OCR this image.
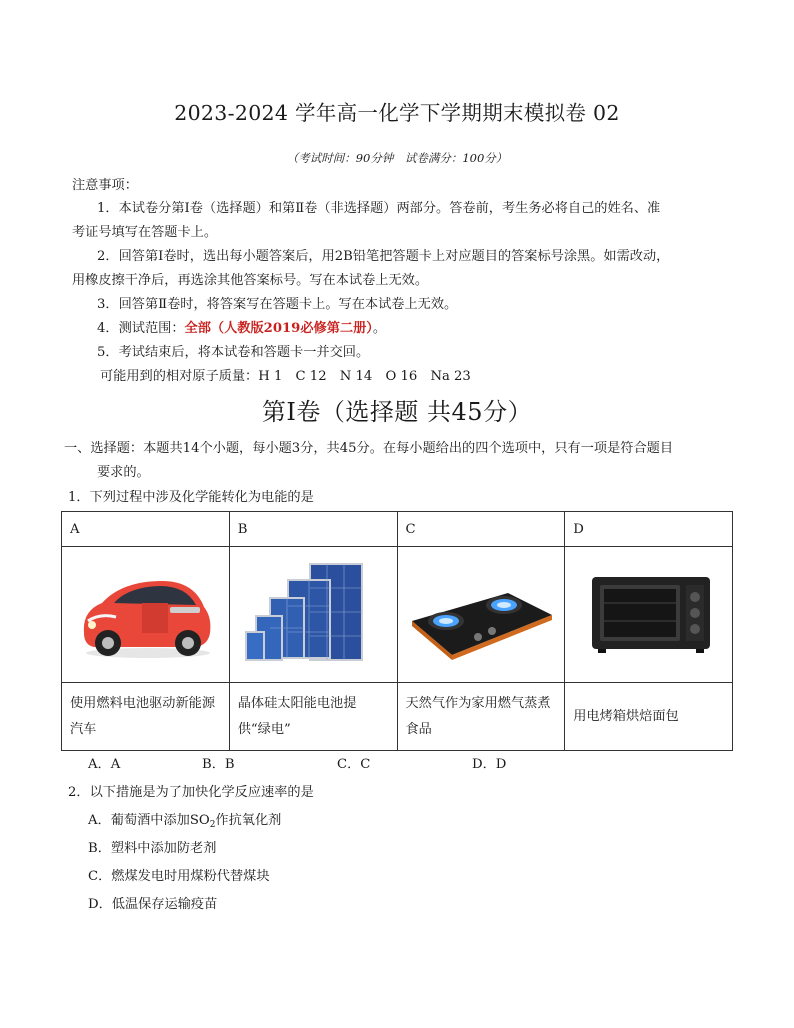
2023-2024 学年高一化学下学期期末模拟卷 02
（考试时间：90分钟　试卷满分：100分）
注意事项：
1．本试卷分第Ⅰ卷（选择题）和第Ⅱ卷（非选择题）两部分。答卷前，考生务必将自己的姓名、准
考证号填写在答题卡上。
2．回答第Ⅰ卷时，选出每小题答案后，用2B铅笔把答题卡上对应题目的答案标号涂黑。如需改动，
用橡皮擦干净后，再选涂其他答案标号。写在本试卷上无效。
3．回答第Ⅱ卷时，将答案写在答题卡上。写在本试卷上无效。
4．测试范围：全部（人教版2019必修第二册）。
5．考试结束后，将本试卷和答题卡一并交回。
可能用到的相对原子质量：H 1　C 12　N 14　O 16　Na 23
第Ⅰ卷（选择题 共45分）
一、选择题：本题共14个小题，每小题3分，共45分。在每小题给出的四个选项中，只有一项是符合题目
要求的。
1．下列过程中涉及化学能转化为电能的是
A	B	C	D

使用燃料电池驱动新能源汽车	晶体硅太阳能电池提供“绿电”	天然气作为家用燃气蒸煮食品	用电烤箱烘焙面包
A．A	B．B	C．C	D．D
2．以下措施是为了加快化学反应速率的是
A．葡萄酒中添加$SO_2$作抗氧化剂
B．塑料中添加防老剂
C．燃煤发电时用煤粉代替煤块
D．低温保存运输疫苗
